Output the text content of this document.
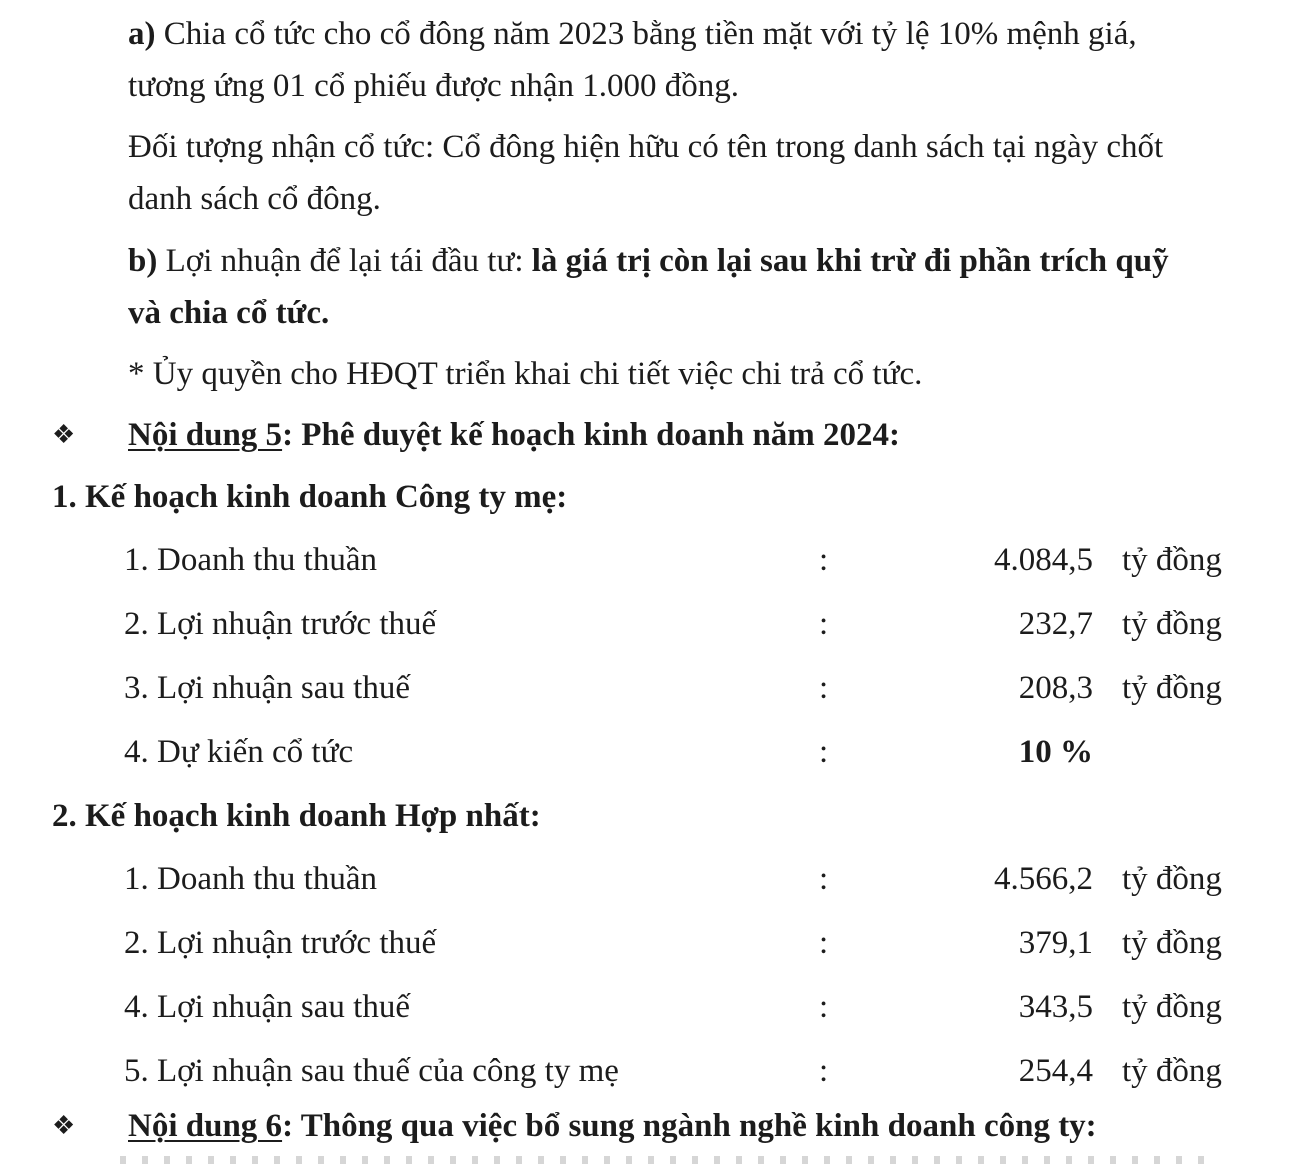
a) Chia cổ tức cho cổ đông năm 2023 bằng tiền mặt với tỷ lệ 10% mệnh giá,
tương ứng 01 cổ phiếu được nhận 1.000 đồng.
Đối tượng nhận cổ tức: Cổ đông hiện hữu có tên trong danh sách tại ngày chốt
danh sách cổ đông.
b) Lợi nhuận để lại tái đầu tư: là giá trị còn lại sau khi trừ đi phần trích quỹ
và chia cổ tức.
* Ủy quyền cho HĐQT triển khai chi tiết việc chi trả cổ tức.
❖ Nội dung 5: Phê duyệt kế hoạch kinh doanh năm 2024:
1. Kế hoạch kinh doanh Công ty mẹ:
1. Doanh thu thuần	:	4.084,5 tỷ đồng
2. Lợi nhuận trước thuế	:	232,7 tỷ đồng
3. Lợi nhuận sau thuế	:	208,3 tỷ đồng
4. Dự kiến cổ tức	:	10 %
2. Kế hoạch kinh doanh Hợp nhất:
1. Doanh thu thuần	:	4.566,2 tỷ đồng
2. Lợi nhuận trước thuế	:	379,1 tỷ đồng
4. Lợi nhuận sau thuế	:	343,5 tỷ đồng
5. Lợi nhuận sau thuế của công ty mẹ	:	254,4 tỷ đồng
❖ Nội dung 6: Thông qua việc bổ sung ngành nghề kinh doanh công ty:
